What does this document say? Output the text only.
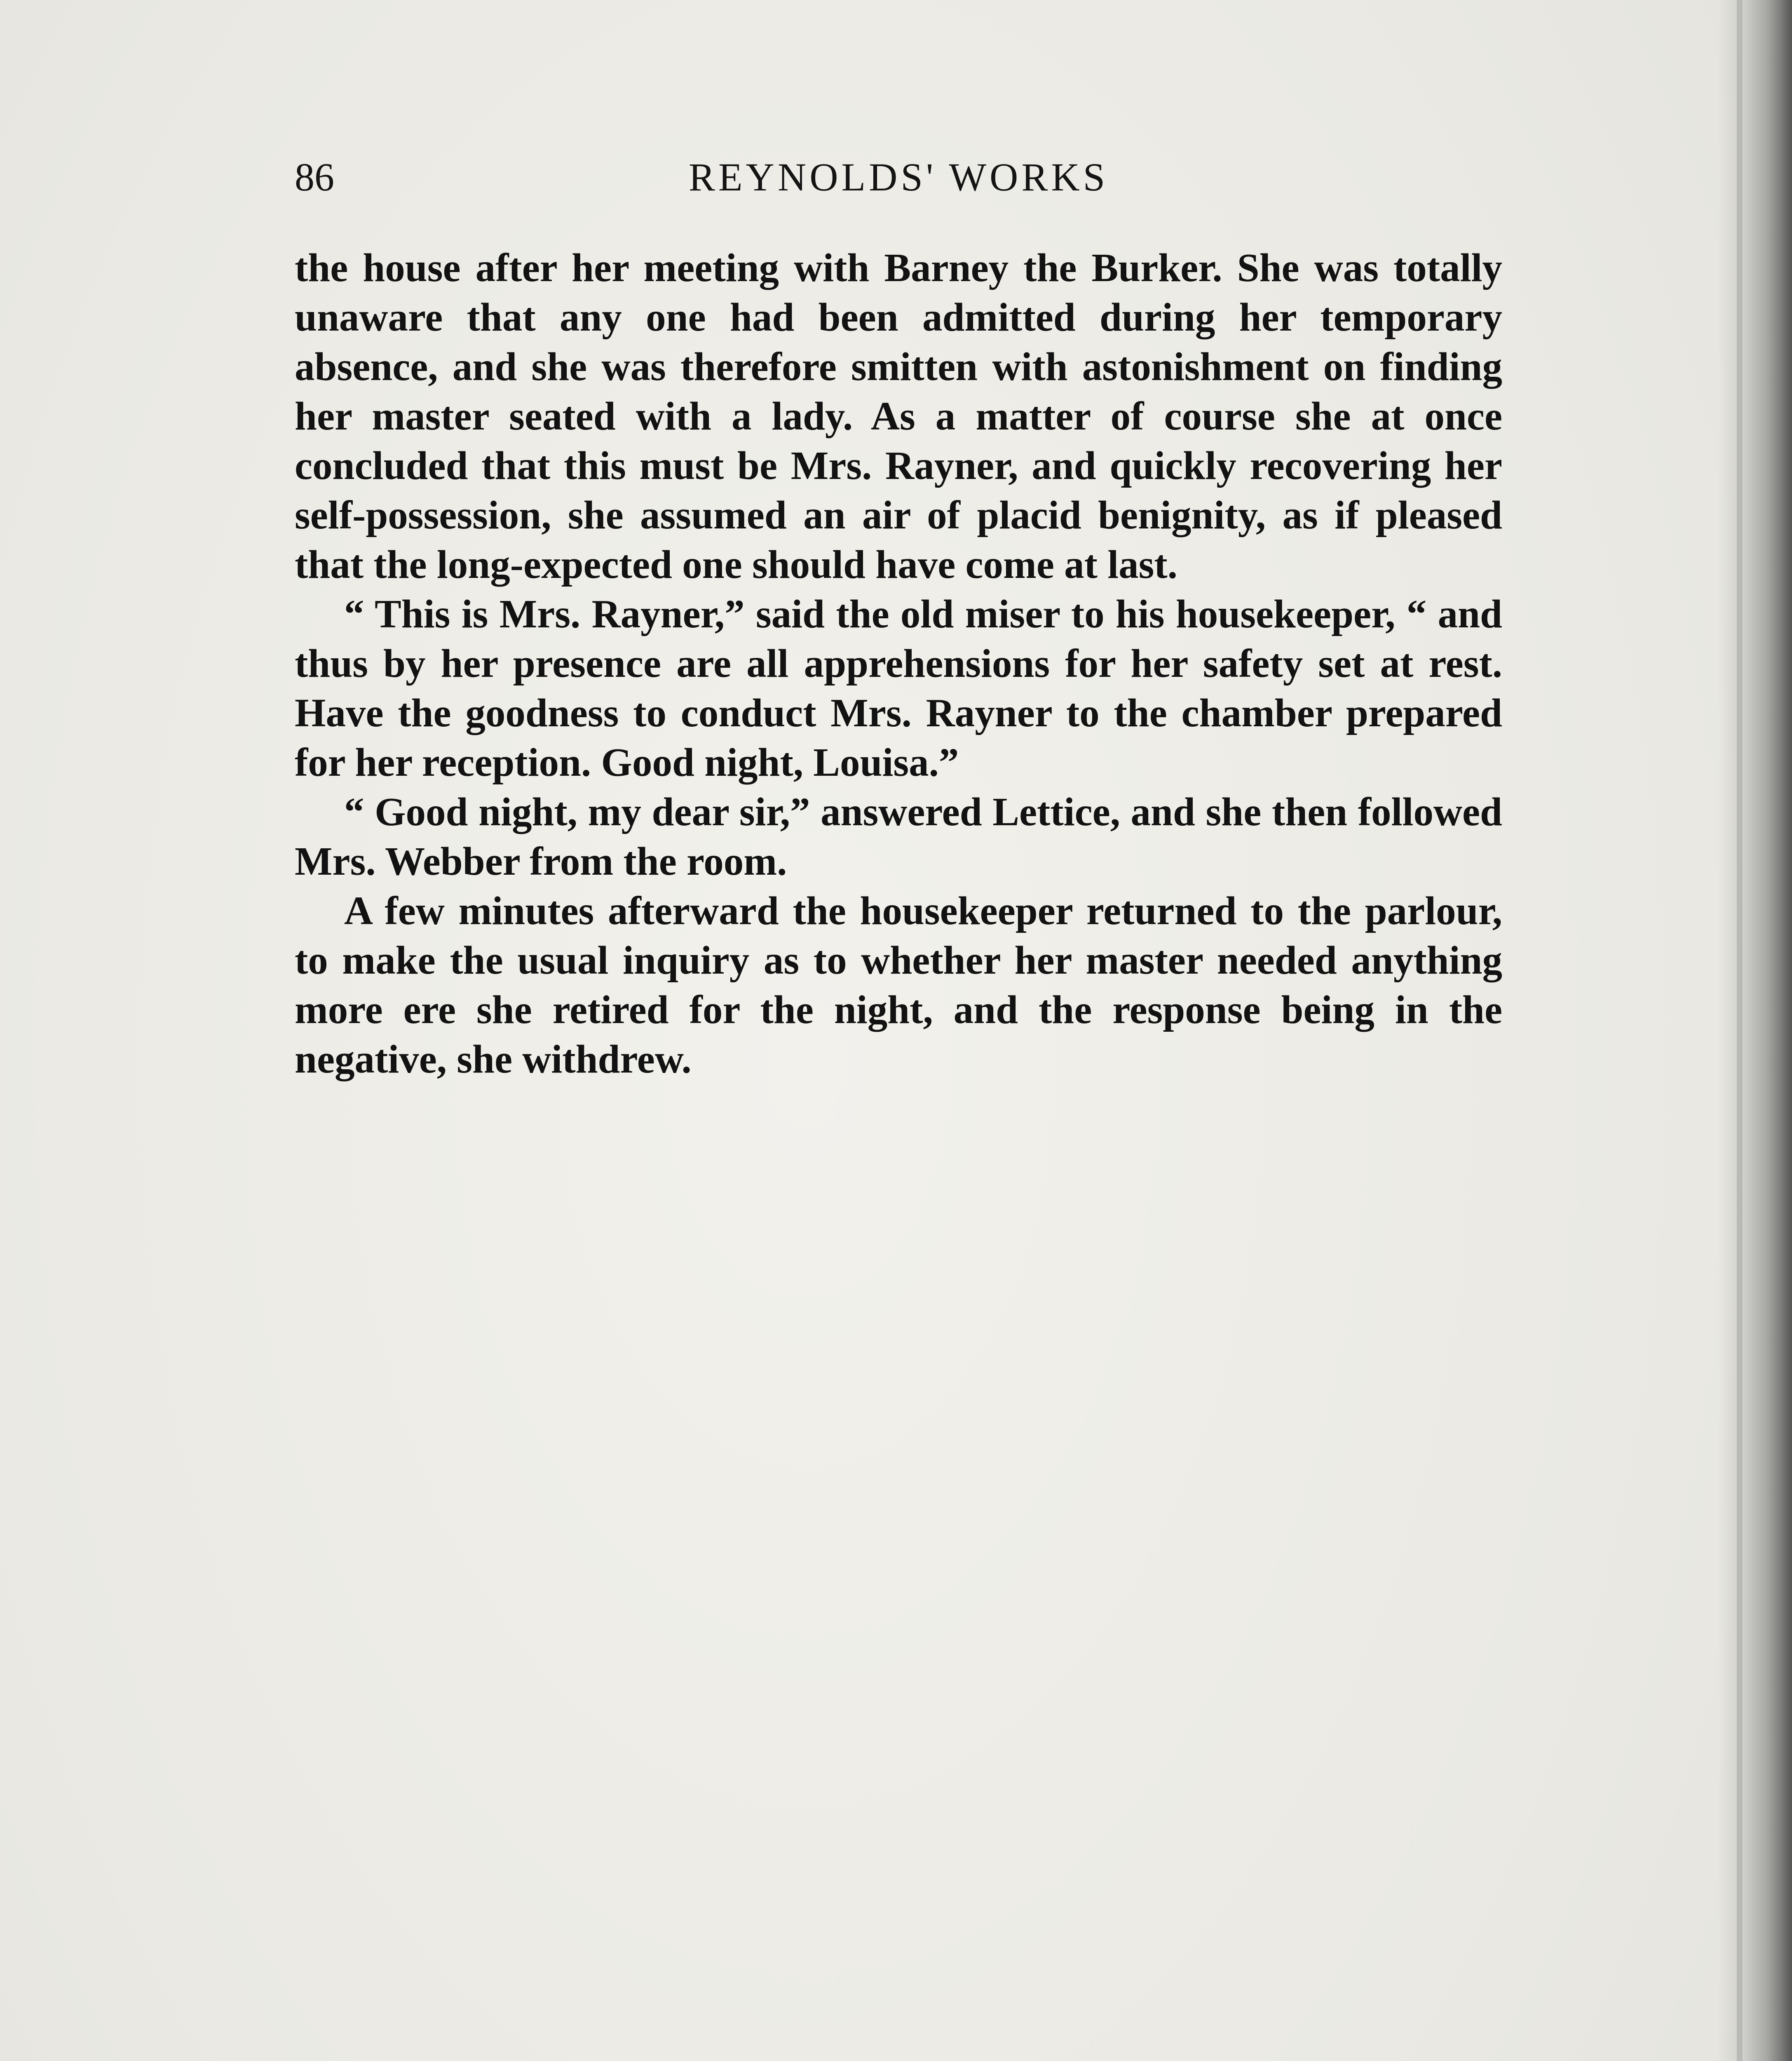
86	REYNOLDS' WORKS

the house after her meeting with Barney the Burker. She was totally unaware that any one had been admitted during her temporary absence, and she was therefore smitten with astonishment on finding her master seated with a lady. As a matter of course she at once concluded that this must be Mrs. Rayner, and quickly recovering her self-possession, she assumed an air of placid benignity, as if pleased that the long-expected one should have come at last.

“ This is Mrs. Rayner,” said the old miser to his housekeeper, “ and thus by her presence are all apprehensions for her safety set at rest. Have the goodness to conduct Mrs. Rayner to the chamber prepared for her reception. Good night, Louisa.”

“ Good night, my dear sir,” answered Lettice, and she then followed Mrs. Webber from the room.

A few minutes afterward the housekeeper returned to the parlour, to make the usual inquiry as to whether her master needed anything more ere she retired for the night, and the response being in the negative, she withdrew.
